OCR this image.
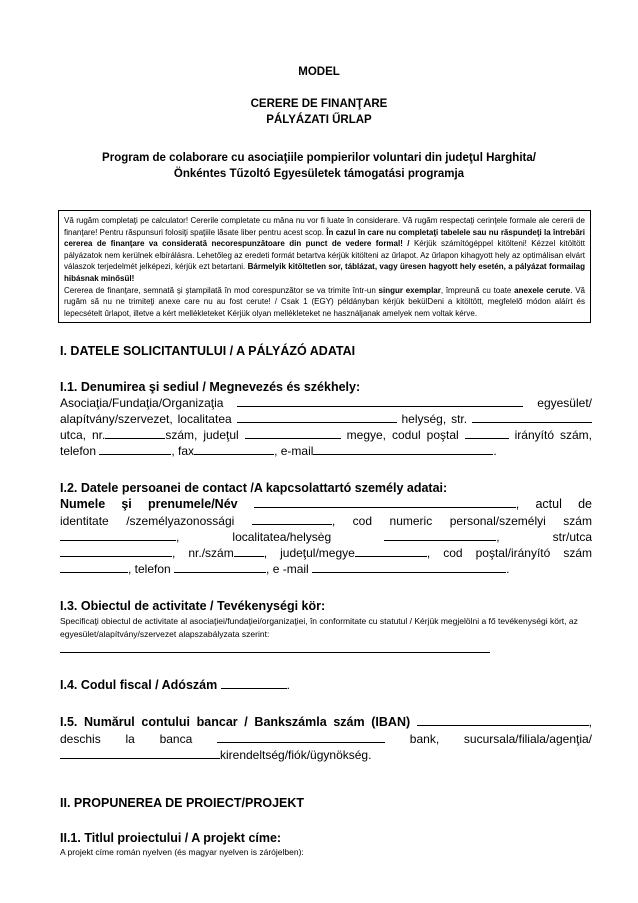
MODEL
CERERE DE FINANŢARE
PÁLYÁZATI ŰRLAP
Program de colaborare cu asociaţiile pompierilor voluntari din judeţul Harghita/
Önkéntes Tűzoltó Egyesületek támogatási programja
Vă rugăm completaţi pe calculator! Cererile completate cu mâna nu vor fi luate în considerare. Vă rugăm respectaţi cerinţele formale ale cererii de finanţare! Pentru răspunsuri folosiţi spaţiile lăsate liber pentru acest scop. În cazul în care nu completaţi tabelele sau nu răspundeţi la întrebări cererea de finanţare va considerată necorespunzătoare din punct de vedere formal! / Kérjük számítógéppel kitölteni! Kézzel kitöltött pályázatok nem kerülnek elbírálásra. Lehetőleg az eredeti formát betartva kérjük kitölteni az űrlapot. Az űrlapon kihagyott hely az optimálisan elvárt válaszok terjedelmét jelképezi, kérjük ezt betartani. Bármelyik kitöltetlen sor, táblázat, vagy üresen hagyott hely esetén, a pályázat formailag hibásnak minősül!
Cererea de finanţare, semnată şi ştampilată în mod corespunzător se va trimite într-un singur exemplar, împreună cu toate anexele cerute. Vă rugăm să nu ne trimiteţi anexe care nu au fost cerute! / Csak 1 (EGY) példányban kérjük bekülDeni a kitöltött, megfelelő módon aláírt és lepecsételt űrlapot, illetve a kért mellékleteket Kérjük olyan mellékleteket ne használjanak amelyek nem voltak kérve.
I. DATELE SOLICITANTULUI / A PÁLYÁZÓ ADATAI
I.1. Denumirea şi sediul / Megnevezés és székhely:
Asociaţia/Fundaţia/Organizaţia	egyesület/
alapítvány/szervezet, localitatea	helység, str.
utca, nr.	szám, judeţul	megye, codul poştal	irányító szám,
telefon	, fax	, e-mail	.
I.2. Datele persoanei de contact /A kapcsolattartó személy adatai:
Numele şi prenumele/Név	, actul de
identitate /személyazonossági	, cod numeric personal/személyi szám
, localitatea/helysėg	, str/utca
, nr./szám	, judeţul/megye	, cod poştal/irányító szám
, telefon	, e -mail	.
I.3. Obiectul de activitate / Tevékenységi kör:
Specificaţi obiectul de activitate al asociaţiei/fundaţiei/organizaţiei, în conformitate cu statutul / Kérjük megjelölni a fő tevékenységi kört, az egyesület/alapítvány/szervezet alapszabályzata szerint:
I.4. Codul fiscal / Adószám	.
I.5. Numărul contului bancar / Bankszámla szám (IBAN)	,
deschis la banca	bank, sucursala/filiala/agenţia/
kirendeltség/fiók/ügynökség.
II. PROPUNEREA DE PROIECT/PROJEKT
II.1. Titlul proiectului / A projekt címe:
A projekt címe román nyelven (és magyar nyelven is zárójelben):
